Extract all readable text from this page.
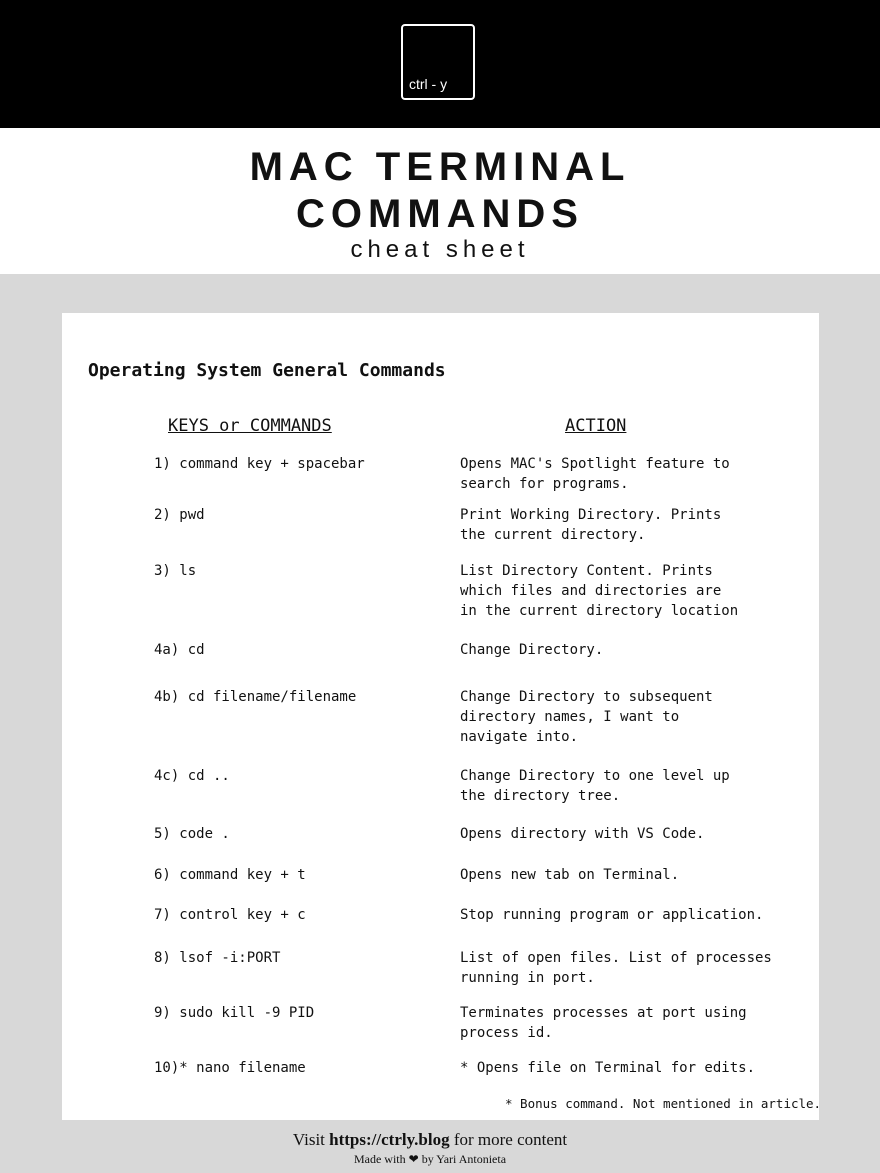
ctrl - y
MAC TERMINAL
COMMANDS
cheat sheet
Operating System General Commands
KEYS or COMMANDS	ACTION
1) command key + spacebar	Opens MAC's Spotlight feature to
search for programs.
2) pwd	Print Working Directory. Prints
the current directory.
3) ls	List Directory Content. Prints
which files and directories are
in the current directory location
4a) cd	Change Directory.
4b) cd filename/filename	Change Directory to subsequent
directory names, I want to
navigate into.
4c) cd ..	Change Directory to one level up
the directory tree.
5) code .	Opens directory with VS Code.
6) command key + t	Opens new tab on Terminal.
7) control key + c	Stop running program or application.
8) lsof -i:PORT	List of open files. List of processes
running in port.
9) sudo kill -9 PID	Terminates processes at port using
process id.
10)* nano filename	* Opens file on Terminal for edits.
* Bonus command. Not mentioned in article.
Visit https://ctrly.blog for more content
Made with ❤ by Yari Antonieta
